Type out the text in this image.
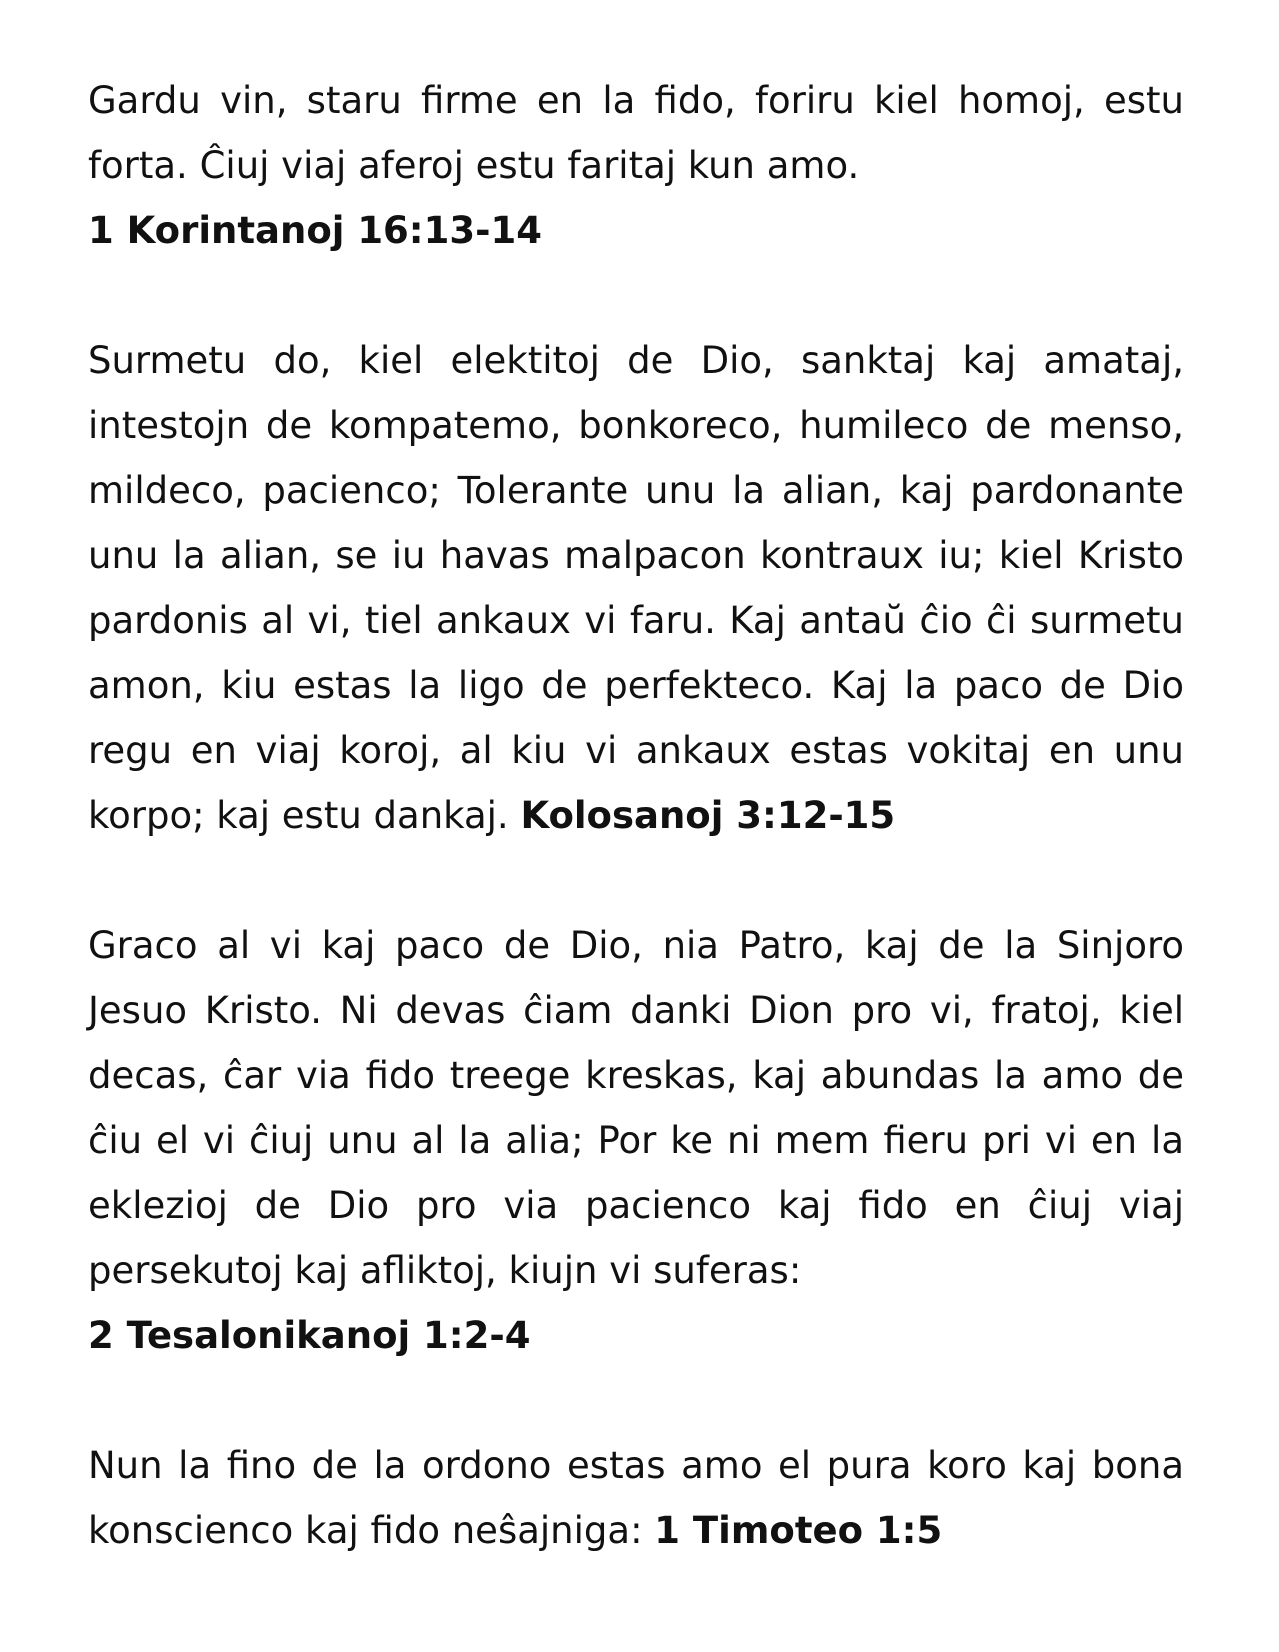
Gardu vin, staru firme en la fido, foriru kiel homoj, estu forta. Ĉiuj viaj aferoj estu faritaj kun amo.
1 Korintanoj 16:13-14

Surmetu do, kiel elektitoj de Dio, sanktaj kaj amataj, intestojn de kompatemo, bonkoreco, humileco de menso, mildeco, pacienco; Tolerante unu la alian, kaj pardonante unu la alian, se iu havas malpacon kontraux iu; kiel Kristo pardonis al vi, tiel ankaux vi faru. Kaj antaŭ ĉio ĉi surmetu amon, kiu estas la ligo de perfekteco. Kaj la paco de Dio regu en viaj koroj, al kiu vi ankaux estas vokitaj en unu korpo; kaj estu dankaj. Kolosanoj 3:12-15

Graco al vi kaj paco de Dio, nia Patro, kaj de la Sinjoro Jesuo Kristo. Ni devas ĉiam danki Dion pro vi, fratoj, kiel decas, ĉar via fido treege kreskas, kaj abundas la amo de ĉiu el vi ĉiuj unu al la alia; Por ke ni mem fieru pri vi en la eklezioj de Dio pro via pacienco kaj fido en ĉiuj viaj persekutoj kaj afliktoj, kiujn vi suferas:
2 Tesalonikanoj 1:2-4

Nun la fino de la ordono estas amo el pura koro kaj bona konscienco kaj fido neŝajniga: 1 Timoteo 1:5
